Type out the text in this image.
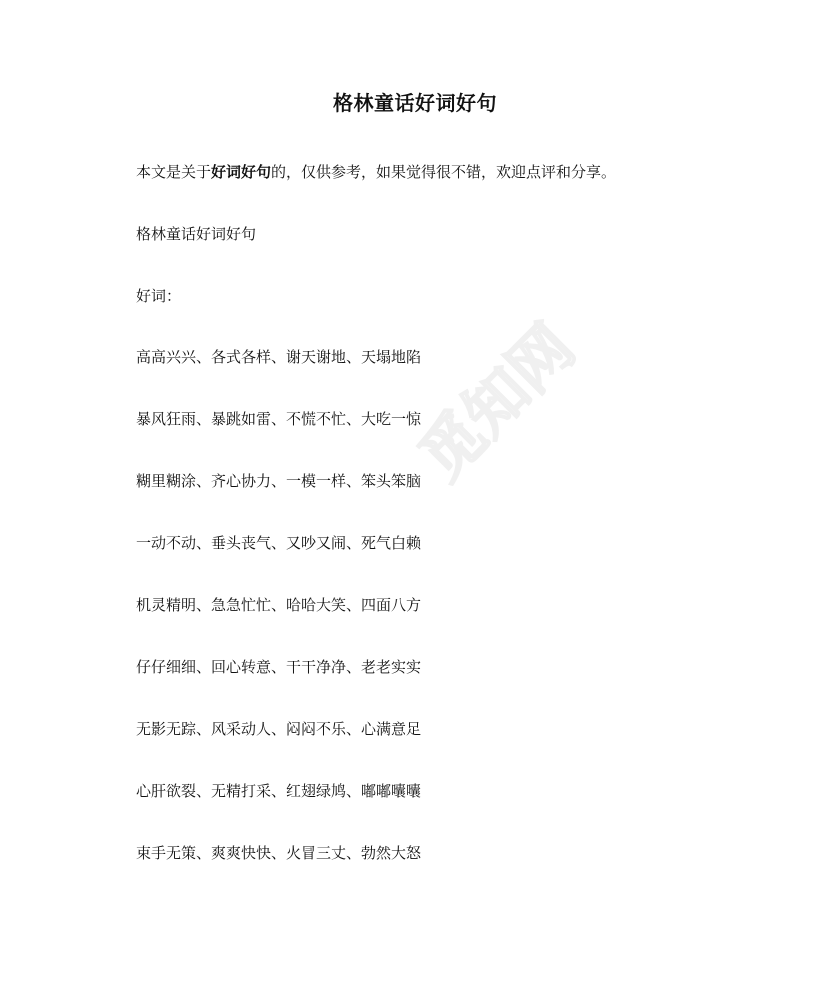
格林童话好词好句
本文是关于好词好句的，仅供参考，如果觉得很不错，欢迎点评和分享。
格林童话好词好句
好词：
高高兴兴、各式各样、谢天谢地、天塌地陷
暴风狂雨、暴跳如雷、不慌不忙、大吃一惊
糊里糊涂、齐心协力、一模一样、笨头笨脑
一动不动、垂头丧气、又吵又闹、死气白赖
机灵精明、急急忙忙、哈哈大笑、四面八方
仔仔细细、回心转意、干干净净、老老实实
无影无踪、风采动人、闷闷不乐、心满意足
心肝欲裂、无精打采、红翅绿鸠、嘟嘟囔囔
束手无策、爽爽快快、火冒三丈、勃然大怒
觅知网
